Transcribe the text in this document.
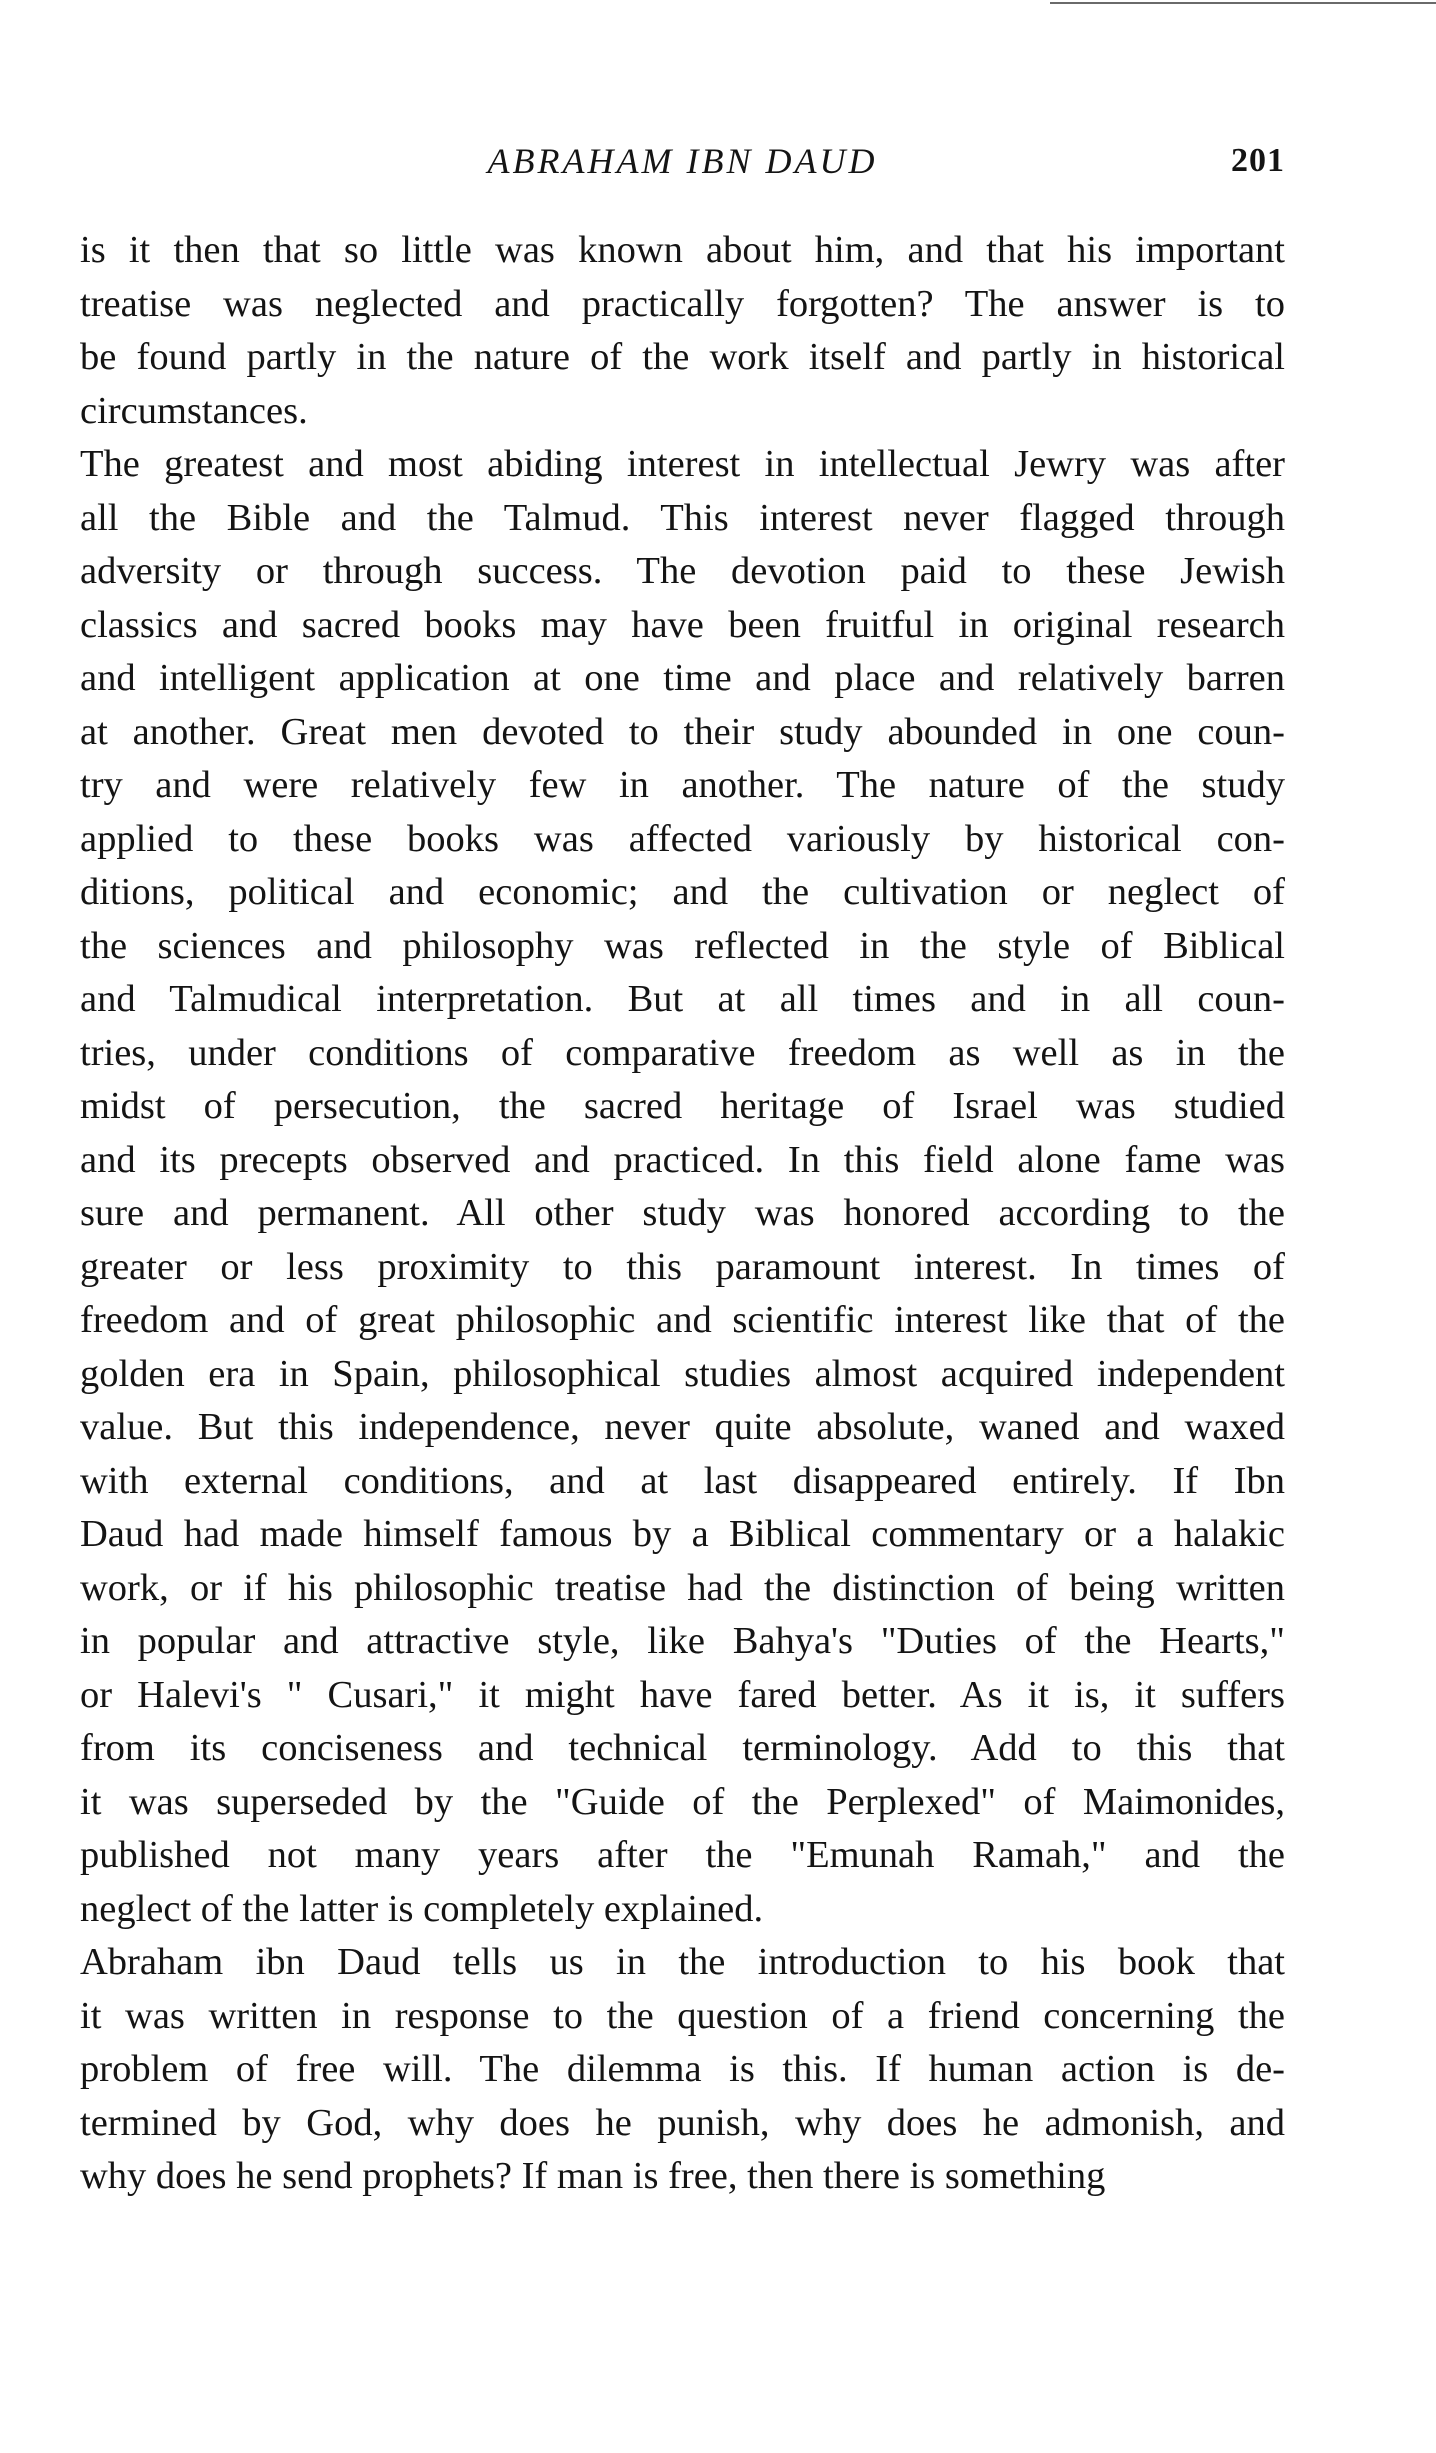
ABRAHAM IBN DAUD	201

is it then that so little was known about him, and that his important
treatise was neglected and practically forgotten? The answer is to
be found partly in the nature of the work itself and partly in historical
circumstances.

The greatest and most abiding interest in intellectual Jewry was after
all the Bible and the Talmud. This interest never flagged through
adversity or through success. The devotion paid to these Jewish
classics and sacred books may have been fruitful in original research
and intelligent application at one time and place and relatively barren
at another. Great men devoted to their study abounded in one coun-
try and were relatively few in another. The nature of the study
applied to these books was affected variously by historical con-
ditions, political and economic; and the cultivation or neglect of
the sciences and philosophy was reflected in the style of Biblical
and Talmudical interpretation. But at all times and in all coun-
tries, under conditions of comparative freedom as well as in the
midst of persecution, the sacred heritage of Israel was studied
and its precepts observed and practiced. In this field alone fame was
sure and permanent. All other study was honored according to the
greater or less proximity to this paramount interest. In times of
freedom and of great philosophic and scientific interest like that of the
golden era in Spain, philosophical studies almost acquired independent
value. But this independence, never quite absolute, waned and waxed
with external conditions, and at last disappeared entirely. If Ibn
Daud had made himself famous by a Biblical commentary or a halakic
work, or if his philosophic treatise had the distinction of being written
in popular and attractive style, like Bahya's "Duties of the Hearts,"
or Halevi's " Cusari," it might have fared better. As it is, it suffers
from its conciseness and technical terminology. Add to this that
it was superseded by the "Guide of the Perplexed" of Maimonides,
published not many years after the "Emunah Ramah," and the
neglect of the latter is completely explained.

Abraham ibn Daud tells us in the introduction to his book that
it was written in response to the question of a friend concerning the
problem of free will. The dilemma is this. If human action is de-
termined by God, why does he punish, why does he admonish, and
why does he send prophets? If man is free, then there is something
